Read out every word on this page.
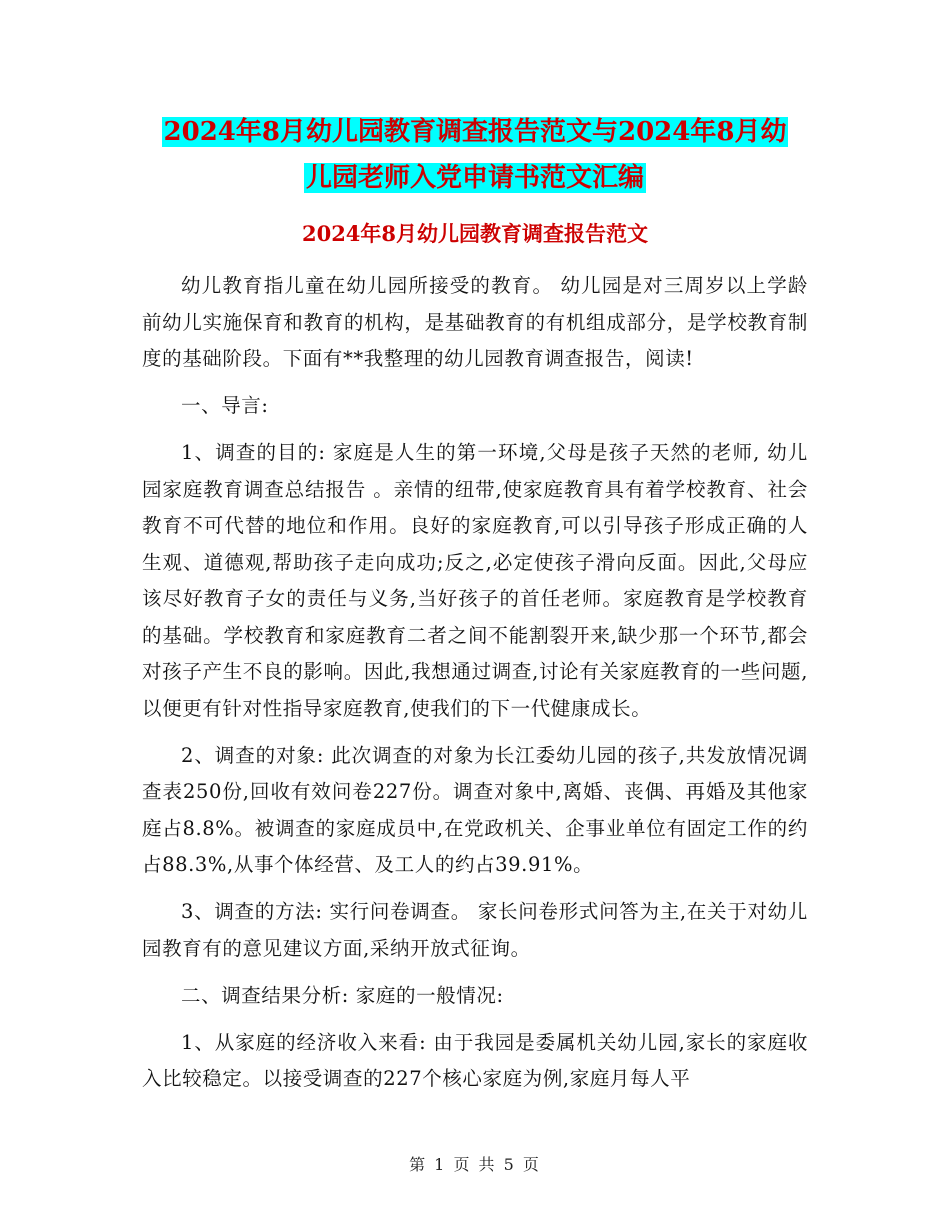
2024年8月幼儿园教育调查报告范文与2024年8月幼
儿园老师入党申请书范文汇编
2024年8月幼儿园教育调查报告范文

幼儿教育指儿童在幼儿园所接受的教育。 幼儿园是对三周岁以上学龄前幼儿实施保育和教育的机构，是基础教育的有机组成部分，是学校教育制度的基础阶段。下面有**我整理的幼儿园教育调查报告，阅读!

一、导言:

1、调查的目的: 家庭是人生的第一环境,父母是孩子天然的老师, 幼儿园家庭教育调查总结报告 。亲情的纽带,使家庭教育具有着学校教育、社会教育不可代替的地位和作用。良好的家庭教育,可以引导孩子形成正确的人生观、道德观,帮助孩子走向成功;反之,必定使孩子滑向反面。因此,父母应该尽好教育子女的责任与义务,当好孩子的首任老师。家庭教育是学校教育的基础。学校教育和家庭教育二者之间不能割裂开来,缺少那一个环节,都会对孩子产生不良的影响。因此,我想通过调查,讨论有关家庭教育的一些问题,以便更有针对性指导家庭教育,使我们的下一代健康成长。

2、调查的对象: 此次调查的对象为长江委幼儿园的孩子,共发放情况调查表250份,回收有效问卷227份。调查对象中,离婚、丧偶、再婚及其他家庭占8.8%。被调查的家庭成员中,在党政机关、企事业单位有固定工作的约占88.3%,从事个体经营、及工人的约占39.91%。

3、调查的方法: 实行问卷调查。 家长问卷形式问答为主,在关于对幼儿园教育有的意见建议方面,采纳开放式征询。

二、调查结果分析: 家庭的一般情况:

1、从家庭的经济收入来看: 由于我园是委属机关幼儿园,家长的家庭收入比较稳定。以接受调查的227个核心家庭为例,家庭月每人平

第 1 页 共 5 页
